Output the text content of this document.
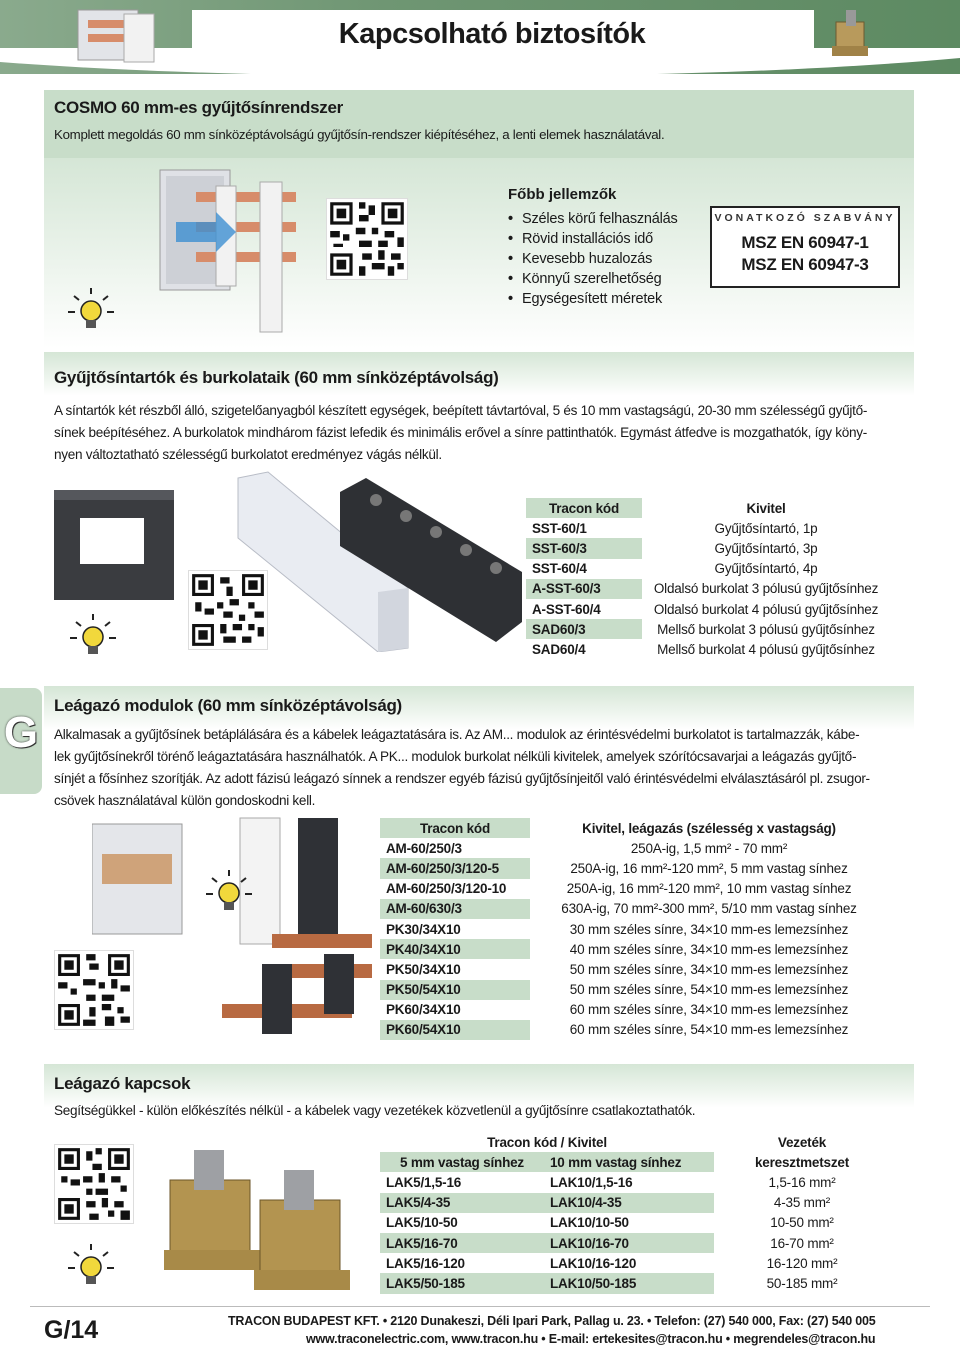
Kapcsolható biztosítók
COSMO 60 mm-es gyűjtősínrendszer
Komplett megoldás 60 mm sínközéptávolságú gyűjtősín-rendszer kiépítéséhez, a lenti elemek használatával.
Főbb jellemzők
• Széles körű felhasználás
• Rövid installációs idő
• Kevesebb huzalozás
• Könnyű szerelhetőség
• Egységesített méretek
VONATKOZÓ SZABVÁNY
MSZ EN 60947-1
MSZ EN 60947-3
Gyűjtősíntartók és burkolataik (60 mm sínközéptávolság)
A síntartók két részből álló, szigetelőanyagból készített egységek, beépített távtartóval, 5 és 10 mm vastagságú, 20-30 mm szélességű gyűjtő-
sínek beépítéséhez. A burkolatok mindhárom fázist lefedik és minimális erővel a sínre pattinthatók. Egymást átfedve is mozgathatók, így köny-
nyen változtatható szélességű burkolatot eredményez vágás nélkül.
Tracon kód	Kivitel
SST-60/1	Gyűjtősíntartó, 1p
SST-60/3	Gyűjtősíntartó, 3p
SST-60/4	Gyűjtősíntartó, 4p
A-SST-60/3	Oldalsó burkolat 3 pólusú gyűjtősínhez
A-SST-60/4	Oldalsó burkolat 4 pólusú gyűjtősínhez
SAD60/3	Mellső burkolat 3 pólusú gyűjtősínhez
SAD60/4	Mellső burkolat 4 pólusú gyűjtősínhez
G
Leágazó modulok (60 mm sínközéptávolság)
Alkalmasak a gyűjtősínek betáplálására és a kábelek leágaztatására is. Az AM... modulok az érintésvédelmi burkolatot is tartalmazzák, kábe-
lek gyűjtősínekről törénő leágaztatására használhatók. A PK... modulok burkolat nélküli kivitelek, amelyek szórítócsavarjai a leágazás gyűjtő-
sínjét a fősínhez szorítják. Az adott fázisú leágazó sínnek a rendszer egyéb fázisú gyűjtősínjeitől való érintésvédelmi elválasztásáról pl. zsugor-
csövek használatával külön gondoskodni kell.
Tracon kód	Kivitel, leágazás (szélesség x vastagság)
AM-60/250/3	250A-ig, 1,5 mm² - 70 mm²
AM-60/250/3/120-5	250A-ig, 16 mm²-120 mm², 5 mm vastag sínhez
AM-60/250/3/120-10	250A-ig, 16 mm²-120 mm², 10 mm vastag sínhez
AM-60/630/3	630A-ig, 70 mm²-300 mm², 5/10 mm vastag sínhez
PK30/34X10	30 mm széles sínre, 34×10 mm-es lemezsínhez
PK40/34X10	40 mm széles sínre, 34×10 mm-es lemezsínhez
PK50/34X10	50 mm széles sínre, 34×10 mm-es lemezsínhez
PK50/54X10	50 mm széles sínre, 54×10 mm-es lemezsínhez
PK60/34X10	60 mm széles sínre, 34×10 mm-es lemezsínhez
PK60/54X10	60 mm széles sínre, 54×10 mm-es lemezsínhez
Leágazó kapcsok
Segítségükkel - külön előkészítés nélkül - a kábelek vagy vezetékek közvetlenül a gyűjtősínre csatlakoztathatók.
Tracon kód / Kivitel		Vezeték
5 mm vastag sínhez	10 mm vastag sínhez	keresztmetszet
LAK5/1,5-16	LAK10/1,5-16	1,5-16 mm²
LAK5/4-35	LAK10/4-35	4-35 mm²
LAK5/10-50	LAK10/10-50	10-50 mm²
LAK5/16-70	LAK10/16-70	16-70 mm²
LAK5/16-120	LAK10/16-120	16-120 mm²
LAK5/50-185	LAK10/50-185	50-185 mm²
G/14	TRACON BUDAPEST KFT. • 2120 Dunakeszi, Déli Ipari Park, Pallag u. 23. • Telefon: (27) 540 000, Fax: (27) 540 005
www.traconelectric.com, www.tracon.hu • E-mail: ertekesites@tracon.hu • megrendeles@tracon.hu
